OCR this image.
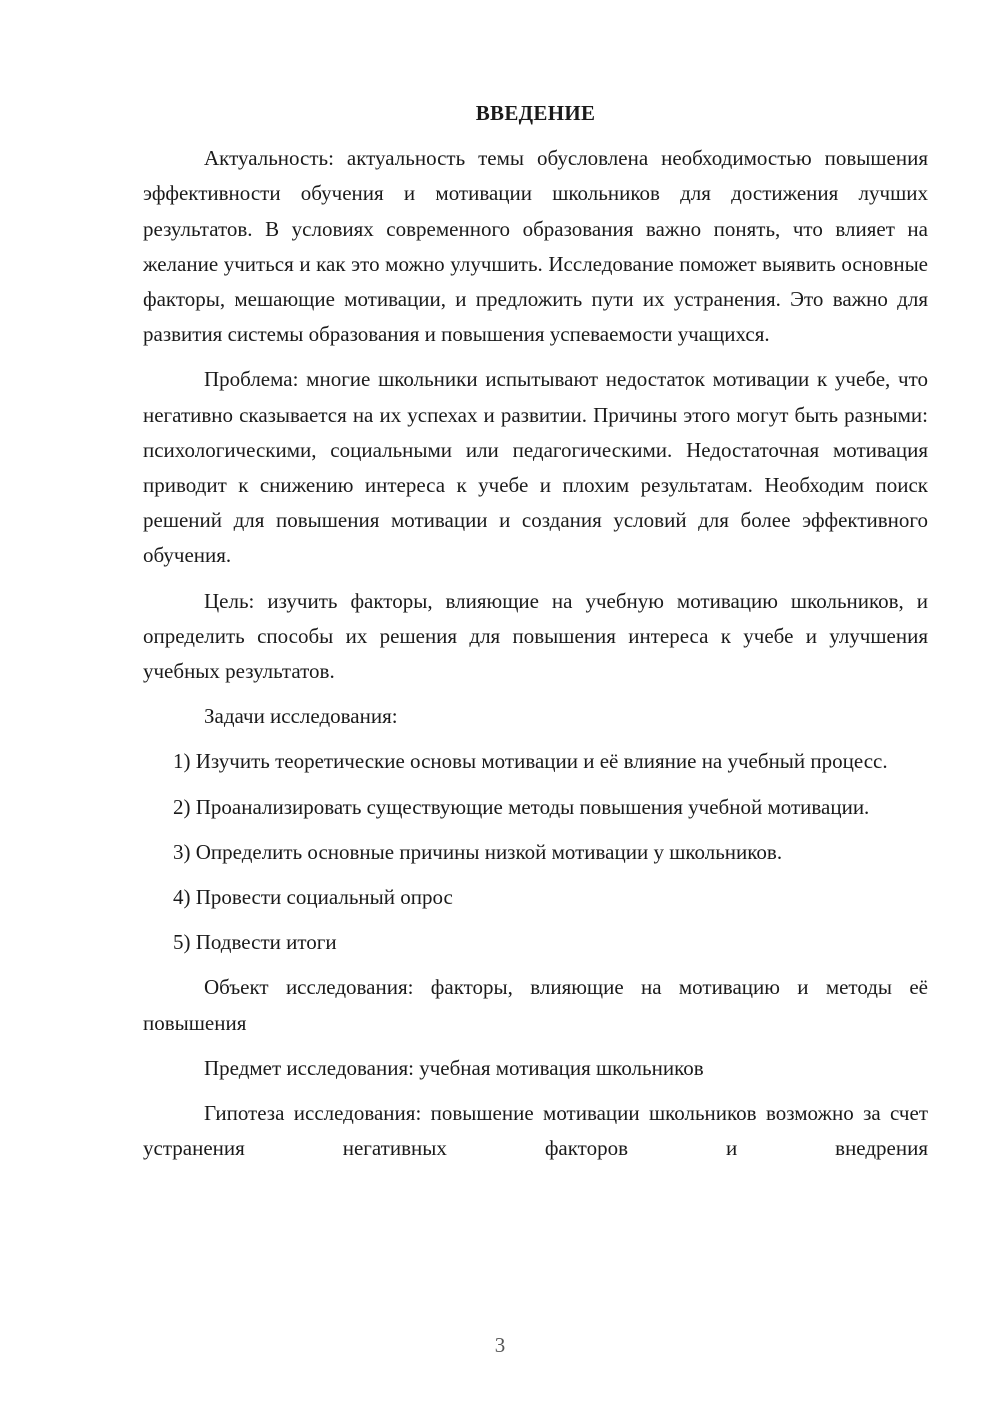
ВВЕДЕНИЕ

Актуальность: актуальность темы обусловлена необходимостью повышения эффективности обучения и мотивации школьников для достижения лучших результатов. В условиях современного образования важно понять, что влияет на желание учиться и как это можно улучшить. Исследование поможет выявить основные факторы, мешающие мотивации, и предложить пути их устранения. Это важно для развития системы образования и повышения успеваемости учащихся.

Проблема: многие школьники испытывают недостаток мотивации к учебе, что негативно сказывается на их успехах и развитии. Причины этого могут быть разными: психологическими, социальными или педагогическими. Недостаточная мотивация приводит к снижению интереса к учебе и плохим результатам. Необходим поиск решений для повышения мотивации и создания условий для более эффективного обучения.

Цель: изучить факторы, влияющие на учебную мотивацию школьников, и определить способы их решения для повышения интереса к учебе и улучшения учебных результатов.

Задачи исследования:

1) Изучить теоретические основы мотивации и её влияние на учебный процесс.

2) Проанализировать существующие методы повышения учебной мотивации.

3) Определить основные причины низкой мотивации у школьников.

4) Провести социальный опрос

5) Подвести итоги

Объект исследования: факторы, влияющие на мотивацию и методы её повышения

Предмет исследования: учебная мотивация школьников

Гипотеза исследования: повышение мотивации школьников возможно за счет устранения негативных факторов и внедрения

3
